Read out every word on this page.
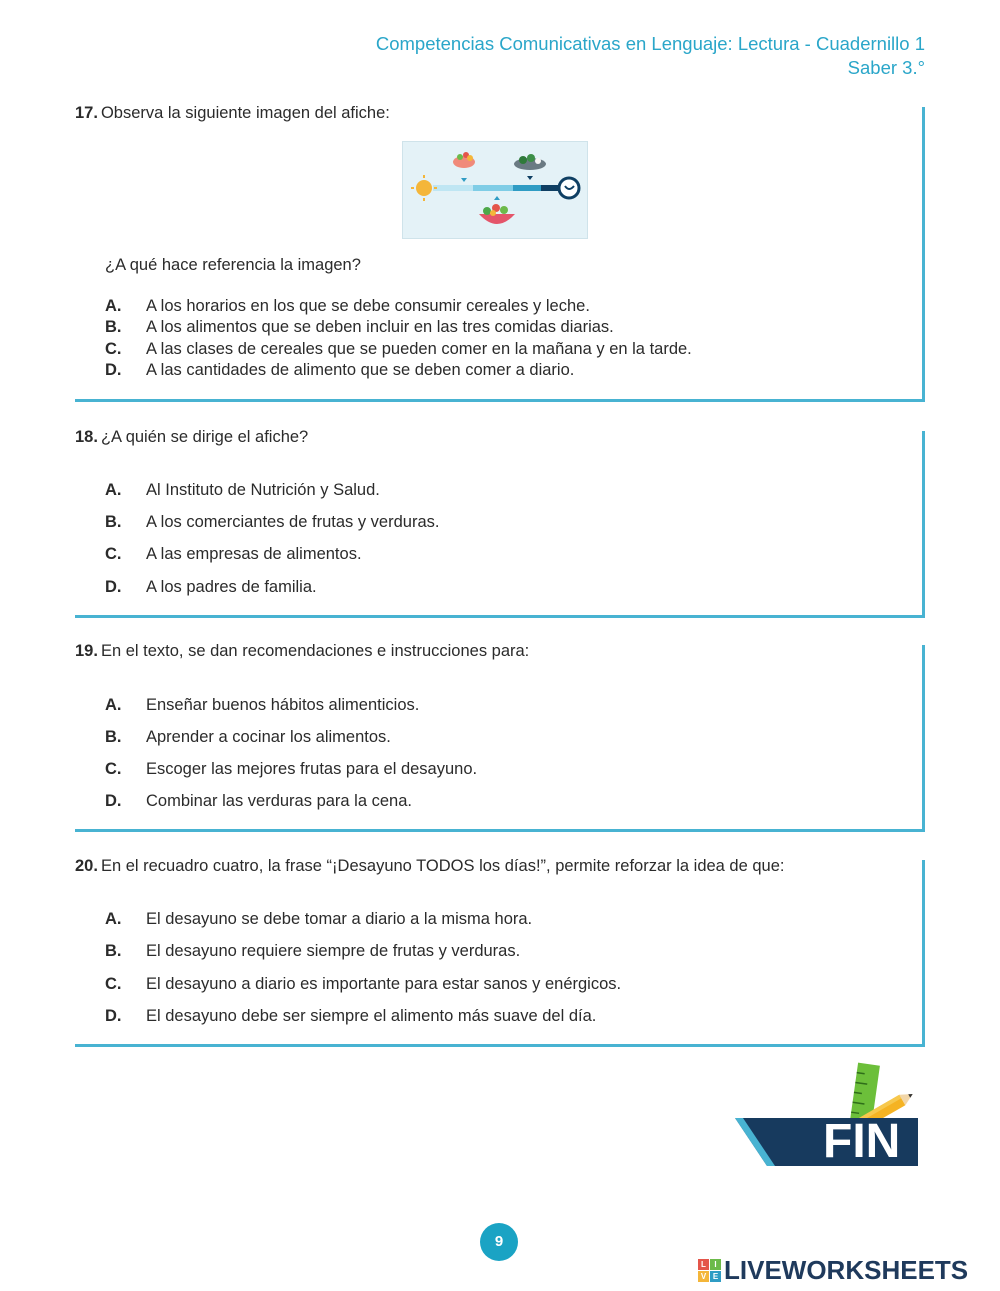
Competencias Comunicativas en Lenguaje: Lectura - Cuadernillo 1
Saber 3.°
17. Observa la siguiente imagen del afiche:
¿A qué hace referencia la imagen?
A. A los horarios en los que se debe consumir cereales y leche.
B. A los alimentos que se deben incluir en las tres comidas diarias.
C. A las clases de cereales que se pueden comer en la mañana y en la tarde.
D. A las cantidades de alimento que se deben comer a diario.
18. ¿A quién se dirige el afiche?
A. Al Instituto de Nutrición y Salud.
B. A los comerciantes de frutas y verduras.
C. A las empresas de alimentos.
D. A los padres de familia.
19. En el texto, se dan recomendaciones e instrucciones para:
A. Enseñar buenos hábitos alimenticios.
B. Aprender a cocinar los alimentos.
C. Escoger las mejores frutas para el desayuno.
D. Combinar las verduras para la cena.
20. En el recuadro cuatro, la frase “¡Desayuno TODOS los días!”, permite reforzar la idea de que:
A. El desayuno se debe tomar a diario a la misma hora.
B. El desayuno requiere siempre de frutas y verduras.
C. El desayuno a diario es importante para estar sanos y enérgicos.
D. El desayuno debe ser siempre el alimento más suave del día.
FIN
9
L	I
V E LIVEWORKSHEETS
